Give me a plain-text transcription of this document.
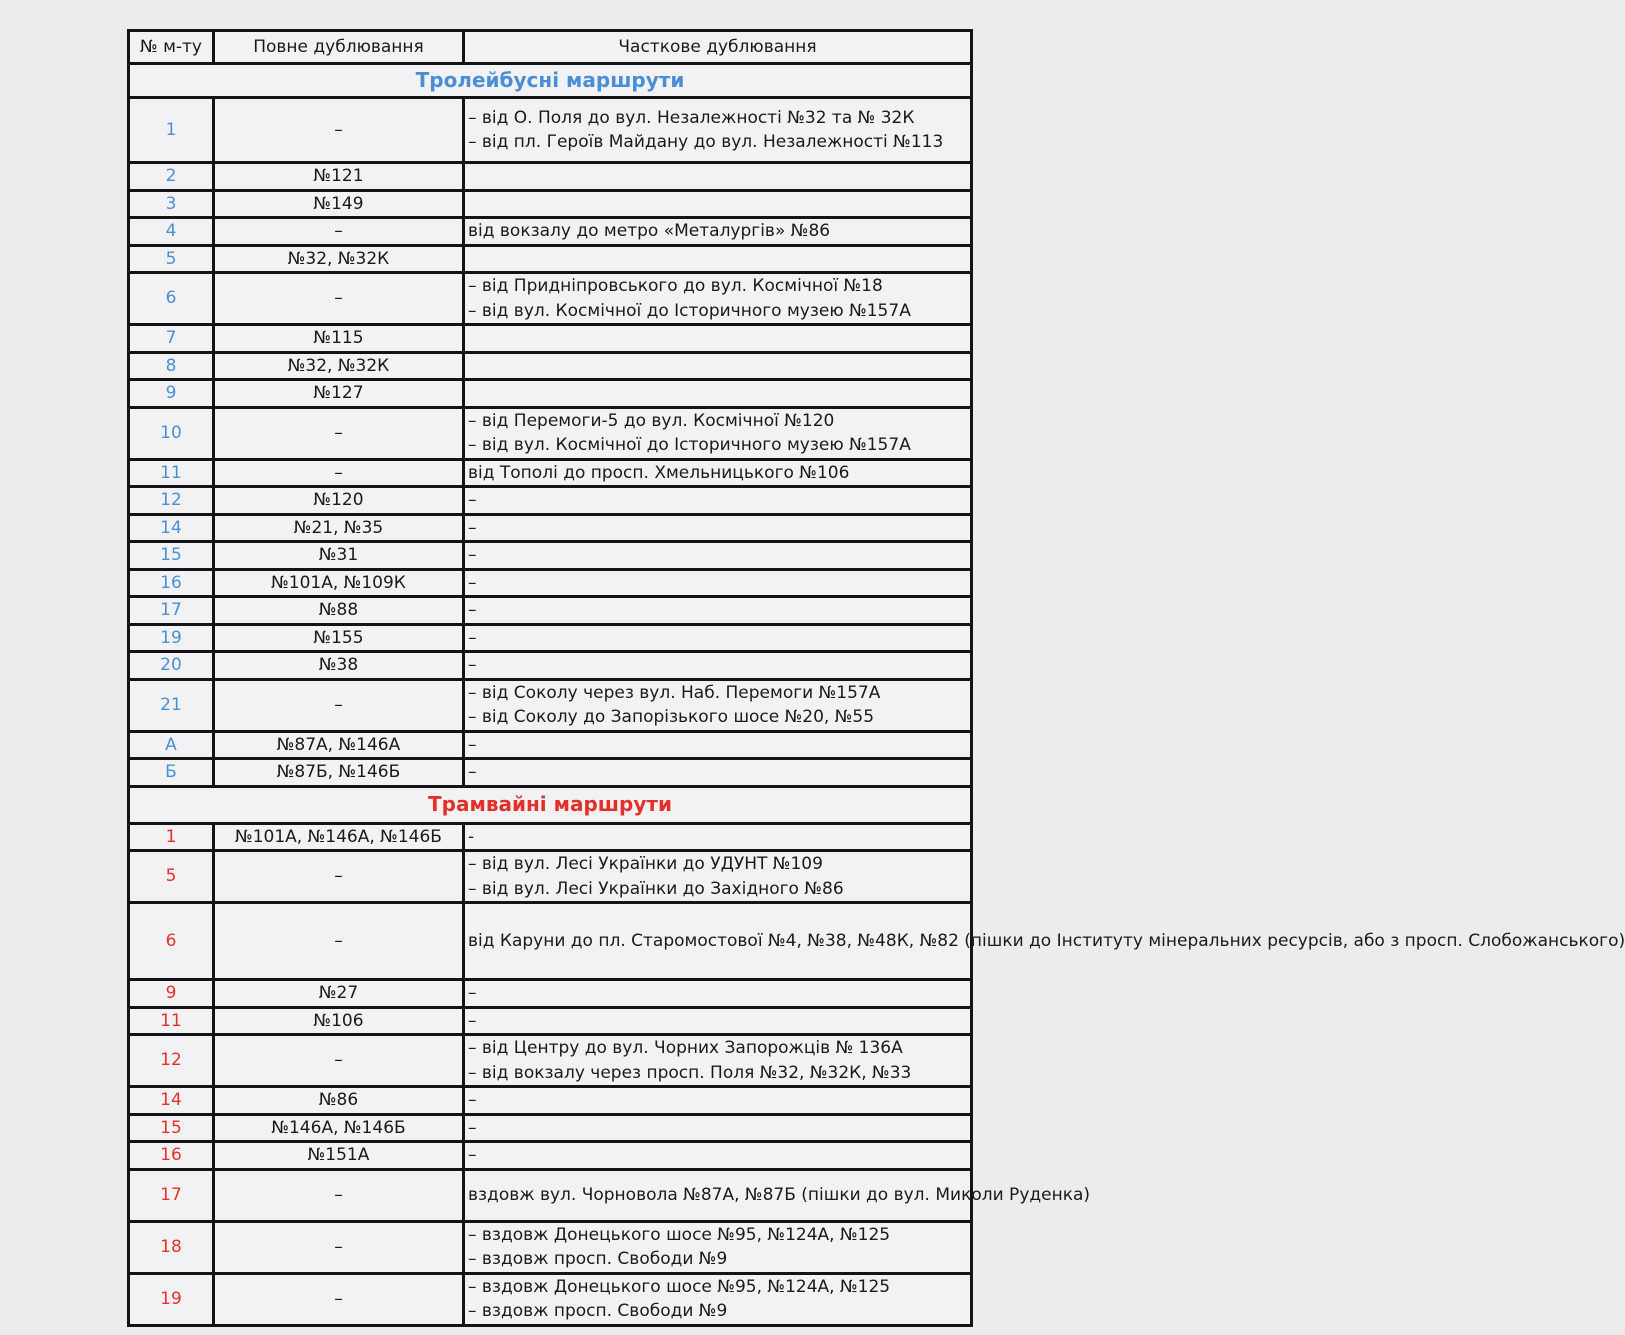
№ м-ту	Повне дублювання	Часткове дублювання
Тролейбусні маршрути		
1	–	– від О. Поля до вул. Незалежності №32 та № 32К
– від пл. Героїв Майдану до вул. Незалежності №113

2	№121	
3	№149	
4	–	від вокзалу до метро «Металургів» №86

5	№32, №32К	
6	–	– від Придніпровського до вул. Космічної №18
– від вул. Космічної до Історичного музею №157А

7	№115	
8	№32, №32К	
9	№127	
10	–	– від Перемоги-5 до вул. Космічної №120
– від вул. Космічної до Історичного музею №157А

11	–	від Тополі до просп. Хмельницького №106

12	№120	–

14	№21, №35	–

15	№31	–

16	№101А, №109К	–

17	№88	–

19	№155	–

20	№38	–

21	–	– від Соколу через вул. Наб. Перемоги №157А
– від Соколу до Запорізького шосе №20, №55

А	№87А, №146А	–

Б	№87Б, №146Б	–

Трамвайні маршрути		
1	№101А, №146А, №146Б	-

5	–	– від вул. Лесі Українки до УДУНТ №109
– від вул. Лесі Українки до Західного №86

6	–	від Каруни до пл. Старомостової №4, №38, №48К, №82 (пішки до Інституту мінеральних ресурсів, або з просп. Слобожанського)

9	№27	–

11	№106	–

12	–	– від Центру до вул. Чорних Запорожців № 136А
– від вокзалу через просп. Поля №32, №32К, №33

14	№86	–

15	№146А, №146Б	–

16	№151А	–

17	–	вздовж вул. Чорновола №87А, №87Б (пішки до вул. Миколи Руденка)

18	–	– вздовж Донецького шосе №95, №124А, №125
– вздовж просп. Свободи №9

19	–	– вздовж Донецького шосе №95, №124А, №125
– вздовж просп. Свободи №9
